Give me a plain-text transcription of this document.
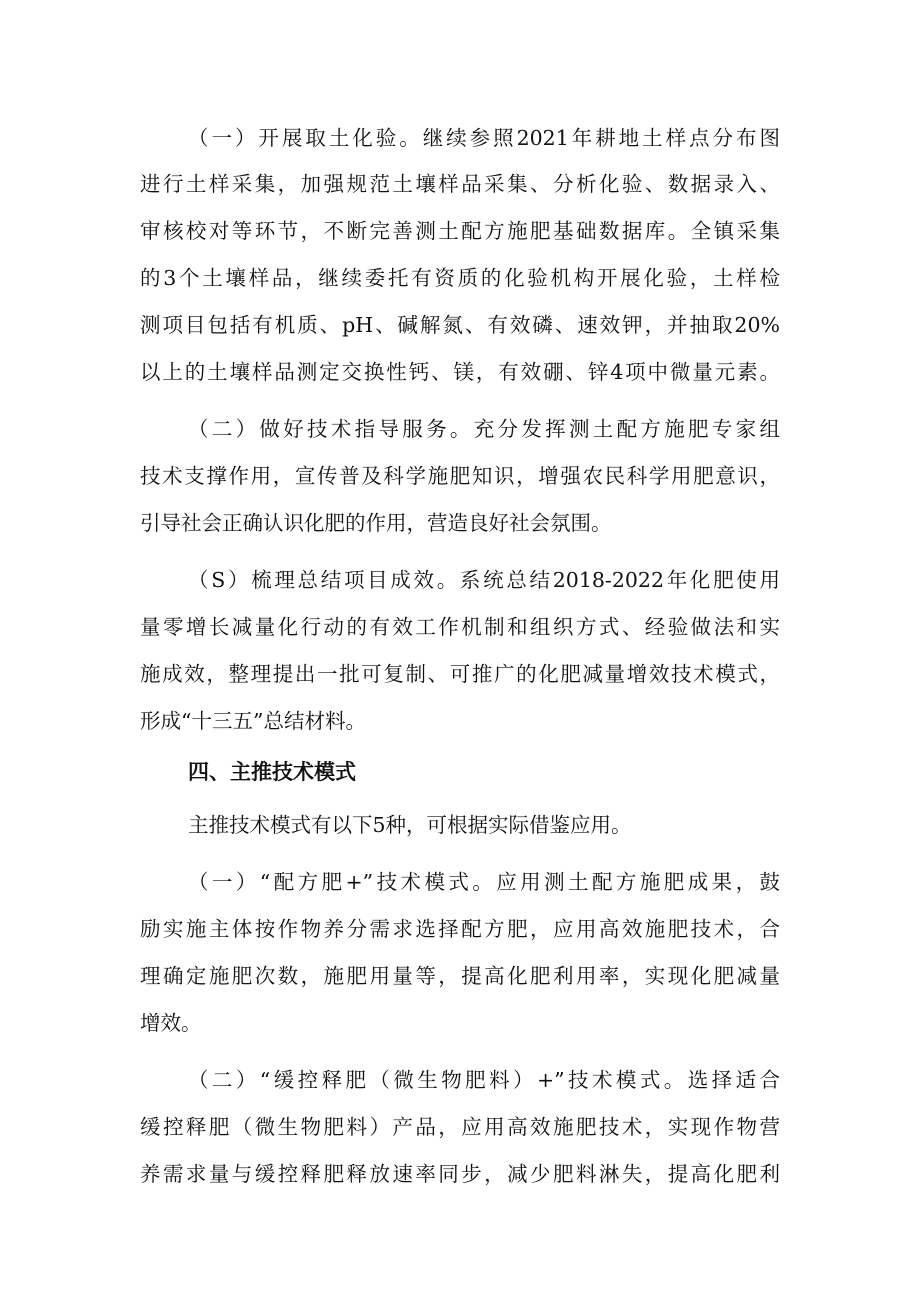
（一）开展取土化验。继续参照2021年耕地土样点分布图
进行土样采集，加强规范土壤样品采集、分析化验、数据录入、
审核校对等环节，不断完善测土配方施肥基础数据库。全镇采集
的3个土壤样品，继续委托有资质的化验机构开展化验，土样检
测项目包括有机质、pH、碱解氮、有效磷、速效钾，并抽取20%
以上的土壤样品测定交换性钙、镁，有效硼、锌4项中微量元素。
（二）做好技术指导服务。充分发挥测土配方施肥专家组
技术支撑作用，宣传普及科学施肥知识，增强农民科学用肥意识，
引导社会正确认识化肥的作用，营造良好社会氛围。
（S）梳理总结项目成效。系统总结2018-2022年化肥使用
量零增长减量化行动的有效工作机制和组织方式、经验做法和实
施成效，整理提出一批可复制、可推广的化肥减量增效技术模式，
形成“十三五”总结材料。
四、主推技术模式
主推技术模式有以下5种，可根据实际借鉴应用。
（一）“配方肥+”技术模式。应用测土配方施肥成果，鼓
励实施主体按作物养分需求选择配方肥，应用高效施肥技术，合
理确定施肥次数，施肥用量等，提高化肥利用率，实现化肥减量
增效。
（二）“缓控释肥（微生物肥料）+”技术模式。选择适合
缓控释肥（微生物肥料）产品，应用高效施肥技术，实现作物营
养需求量与缓控释肥释放速率同步，减少肥料淋失，提高化肥利
